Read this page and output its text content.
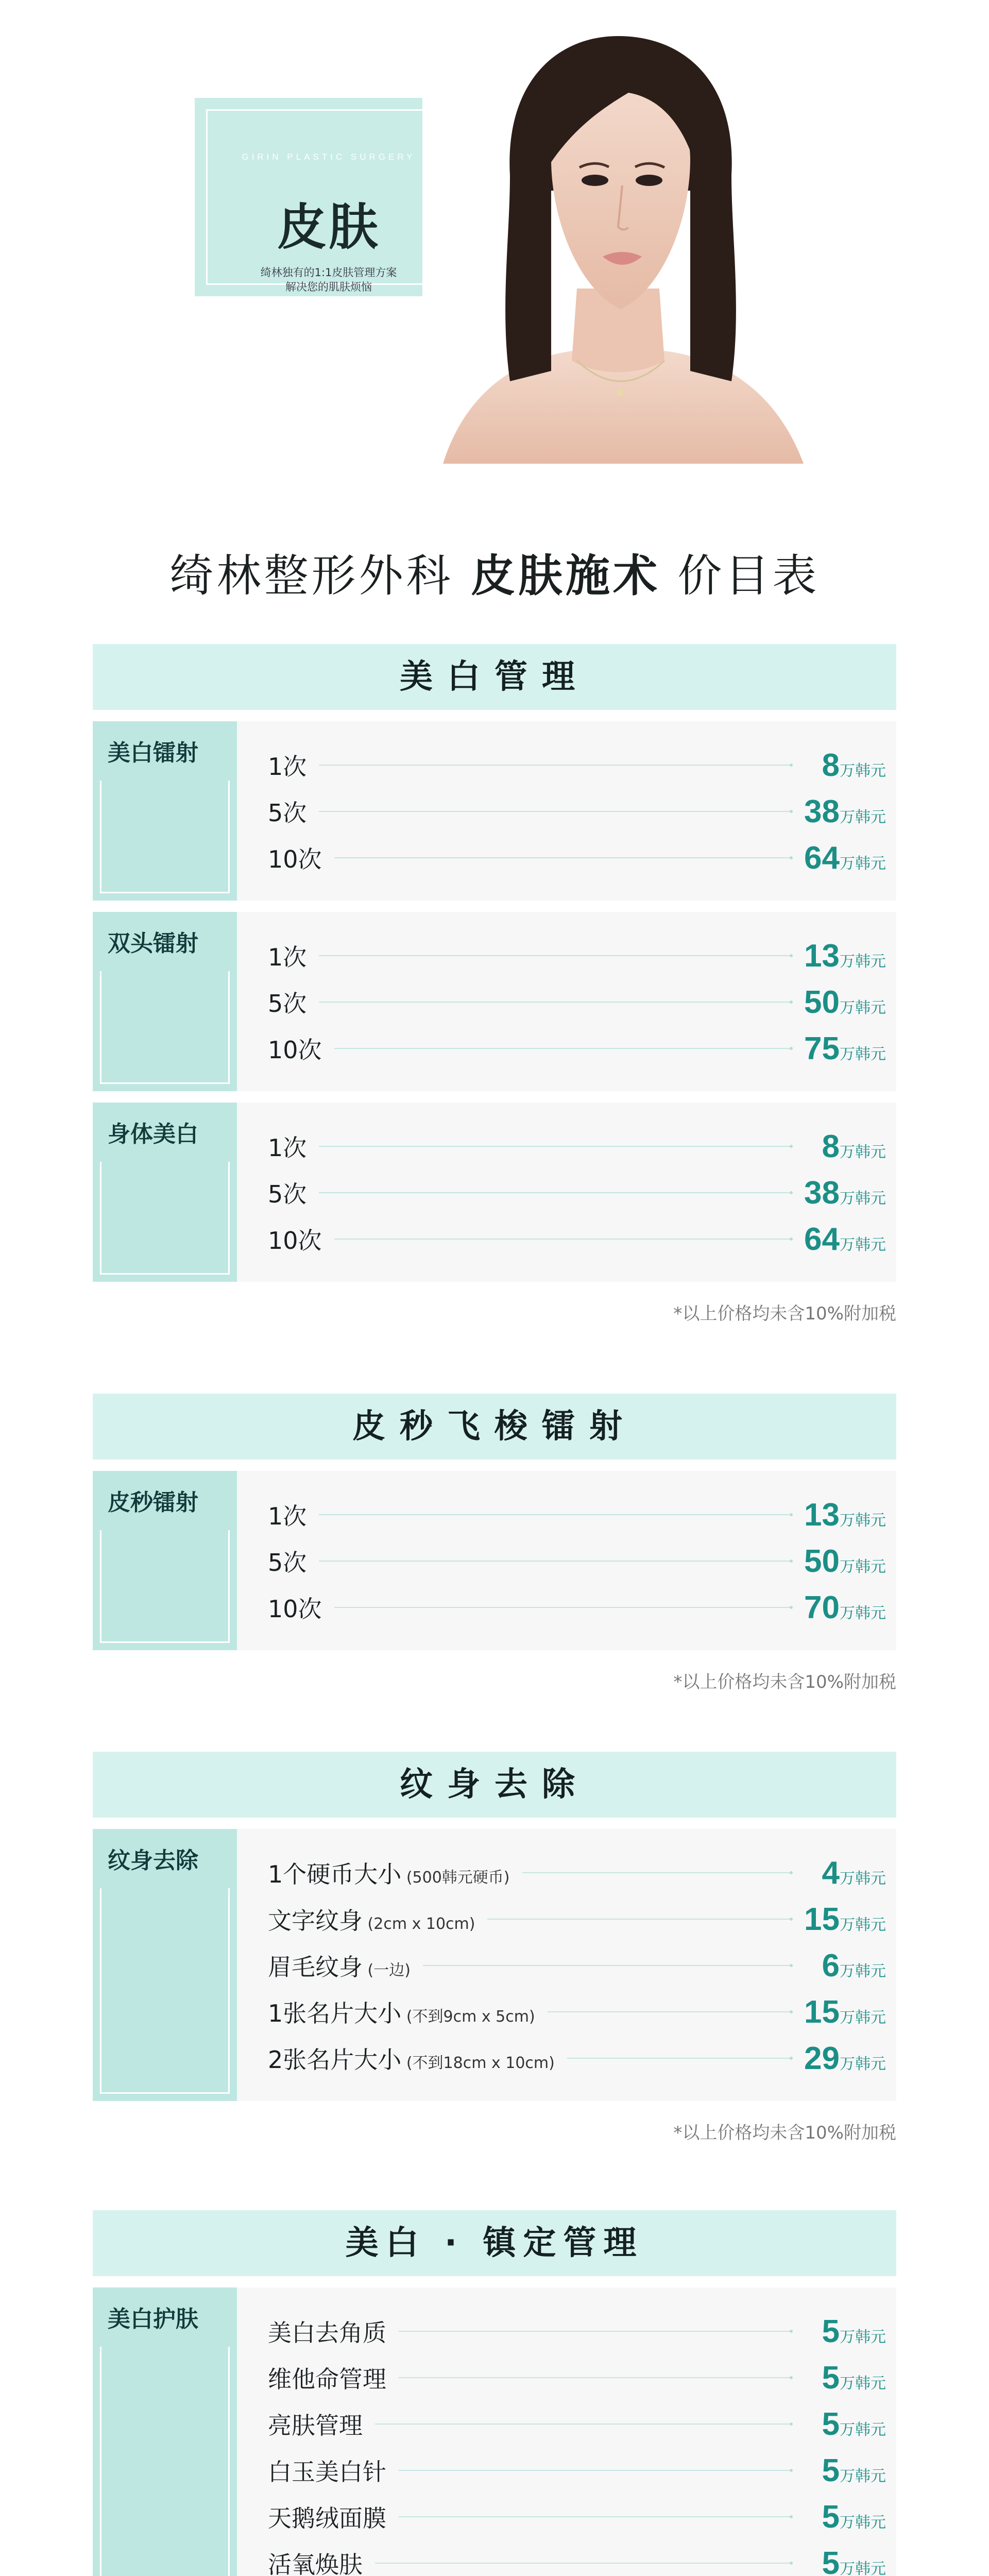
GIRIN PLASTIC SURGERY
皮肤
绮林独有的1:1皮肤管理方案
解决您的肌肤烦恼
绮林整形外科 皮肤施术 价目表
美白管理
美白镭射	1次	8万韩元
5次	38万韩元
10次	64万韩元
双头镭射	1次	13万韩元
5次	50万韩元
10次	75万韩元
身体美白	1次	8万韩元
5次	38万韩元
10次	64万韩元
*以上价格均未含10%附加税
皮秒飞梭镭射
皮秒镭射	1次	13万韩元
5次	50万韩元
10次	70万韩元
*以上价格均未含10%附加税
纹身去除
纹身去除	1个硬币大小 (500韩元硬币)	4万韩元
文字纹身 (2cm x 10cm)	15万韩元
眉毛纹身 (一边)	6万韩元
1张名片大小 (不到9cm x 5cm)	15万韩元
2张名片大小 (不到18cm x 10cm)	29万韩元
*以上价格均未含10%附加税
美白 · 镇定管理
美白护肤	美白去角质	5万韩元
维他命管理	5万韩元
亮肤管理	5万韩元
白玉美白针	5万韩元
天鹅绒面膜	5万韩元
活氧焕肤	5万韩元
